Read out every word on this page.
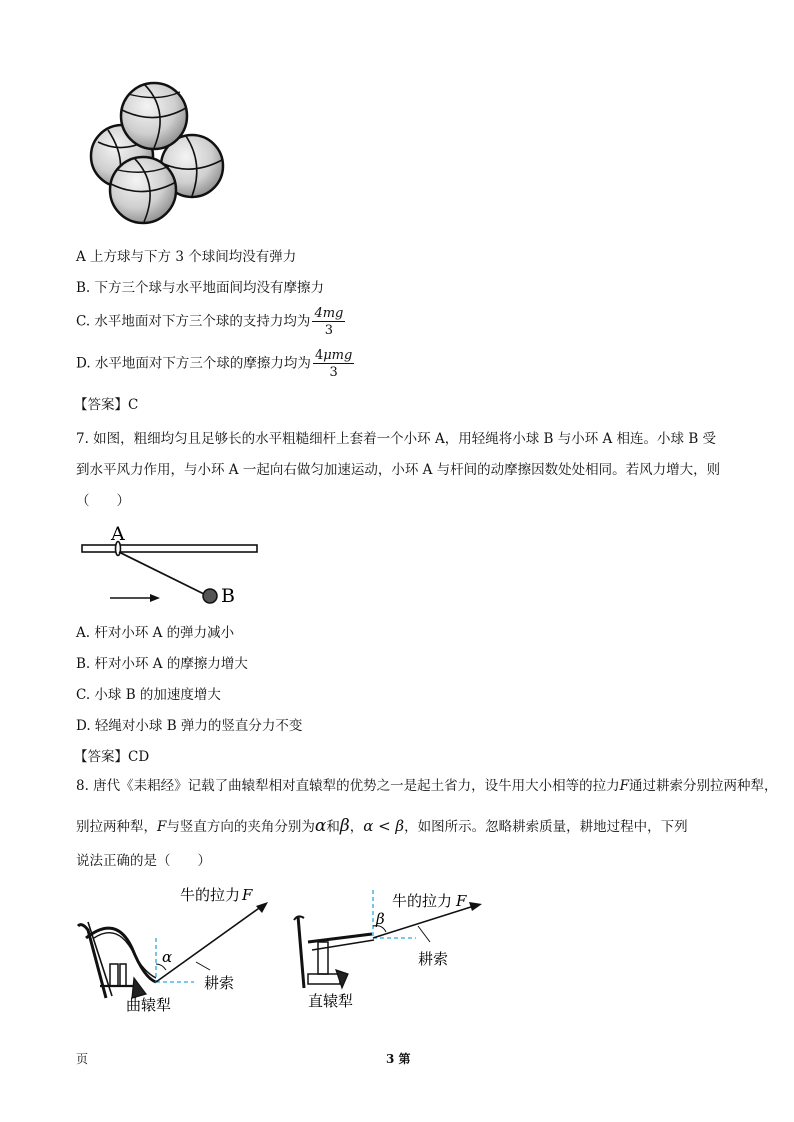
A 上方球与下方 3 个球间均没有弹力
B. 下方三个球与水平地面间均没有摩擦力
C. 水平地面对下方三个球的支持力均为 $\frac{4mg}{3}$
D. 水平地面对下方三个球的摩擦力均为 $\frac{\text{4μmg}}{3}$
【答案】C
7. 如图，粗细均匀且足够长的水平粗糙细杆上套着一个小环 A，用轻绳将小球 B 与小环 A 相连。小球 B 受到水平风力作用，与小环 A 一起向右做匀加速运动，小环 A 与杆间的动摩擦因数处处相同。若风力增大，则（　　）
A
B
A. 杆对小环 A 的弹力减小
B. 杆对小环 A 的摩擦力增大
C. 小球 B 的加速度增大
D. 轻绳对小球 B 弹力的竖直分力不变
【答案】CD
8. 唐代《耒耜经》记载了曲辕犁相对直辕犁的优势之一是起土省力，设牛用大小相等的拉力F通过耕索分别拉两种犁，
别拉两种犁，F与竖直方向的夹角分别为α和β，α < β，如图所示。忽略耕索质量，耕地过程中，下列
说法正确的是（　　）
α
牛的拉力 F
耕索
曲辕犁
β
牛的拉力 F
耕索
直辕犁
页	3 第
